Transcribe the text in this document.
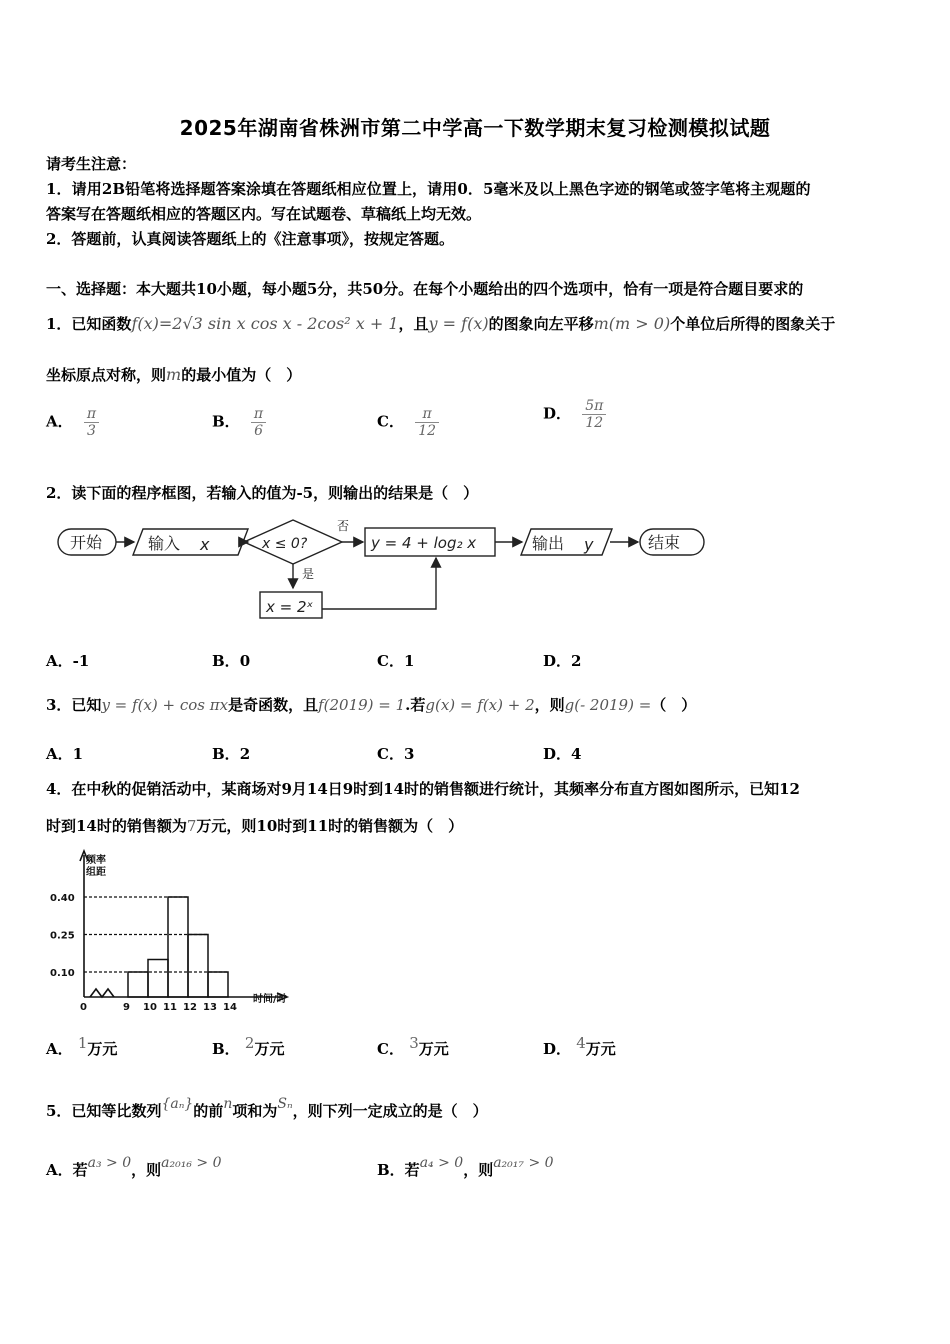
2025年湖南省株洲市第二中学高一下数学期末复习检测模拟试题
请考生注意：
1．请用2B铅笔将选择题答案涂填在答题纸相应位置上，请用0．5毫米及以上黑色字迹的钢笔或签字笔将主观题的
答案写在答题纸相应的答题区内。写在试题卷、草稿纸上均无效。
2．答题前，认真阅读答题纸上的《注意事项》，按规定答题。
一、选择题：本大题共10小题，每小题5分，共50分。在每个小题给出的四个选项中，恰有一项是符合题目要求的
1．已知函数f(x)=2√3 sin x cos x - 2cos² x + 1，且y = f(x)的图象向左平移m(m > 0)个单位后所得的图象关于
坐标原点对称，则m的最小值为（　）
A． $\frac{\pi}{3}$	B． $\frac{\pi}{6}$	C． $\frac{\pi}{12}$	D． $\frac{5\pi}{12}$
2．读下面的程序框图，若输入的值为-5，则输出的结果是（　）
开始	输入 x	x ≤ 0?
否
是
y = 4 + log₂ x	输出 y	结束
x = 2ˣ
A．-1	B．0	C．1	D．2
3．已知y = f(x) + cos πx是奇函数，且f(2019) = 1.若g(x) = f(x) + 2，则g(- 2019) =（　）
A．1	B．2	C．3	D．4
4．在中秋的促销活动中，某商场对9月14日9时到14时的销售额进行统计，其频率分布直方图如图所示，已知12
时到14时的销售额为7万元，则10时到11时的销售额为（　）
频率
组距
0.10
0.25
0.40
0	9 10 11 12 13 14
时间/时
A． 1万元	B． 2万元	C． 3万元	D． 4万元
5．已知等比数列{aₙ}的前n项和为Sₙ，则下列一定成立的是（　）
A．若a₃ > 0，则a₂₀₁₆ > 0	B．若a₄ > 0，则a₂₀₁₇ > 0
